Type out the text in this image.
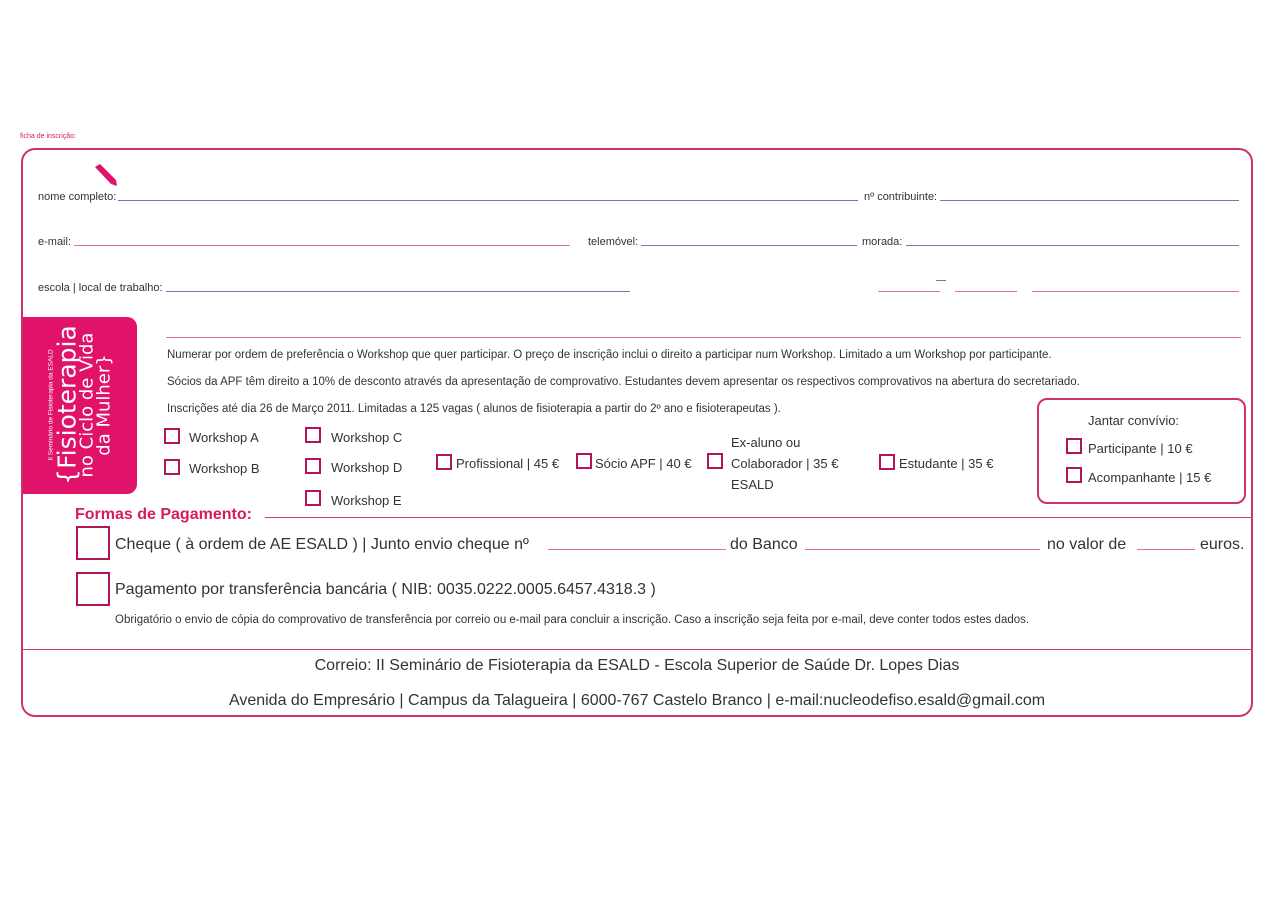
ficha de inscrição:
nome completo:	nº contribuinte:
e-mail:	telemóvel:	morada:
escola | local de trabalho:
II Seminário de Fisioterapia da ESALD
{Fisioterapia
no Ciclo de Vida
da Mulher}	Numerar por ordem de preferência o Workshop que quer participar. O preço de inscrição inclui o direito a participar num Workshop. Limitado a um Workshop por participante.
Sócios da APF têm direito a 10% de desconto através da apresentação de comprovativo. Estudantes devem apresentar os respectivos comprovativos na abertura do secretariado.
Inscrições até dia 26 de Março 2011. Limitadas a 125 vagas ( alunos de fisioterapia a partir do 2º ano e fisioterapeutas ).
Workshop A
Workshop B
Workshop C
Workshop D
Workshop E
Profissional | 45 €	Sócio APF | 40 €
Ex-aluno ou
Colaborador | 35 €
ESALD
Estudante | 35 €
Jantar convívio:
Participante | 10 €
Acompanhante | 15 €
Formas de Pagamento:
Cheque ( à ordem de AE ESALD ) | Junto envio cheque nº	do Banco	no valor de	euros.
Pagamento por transferência bancária ( NIB: 0035.0222.0005.6457.4318.3 )
Obrigatório o envio de cópia do comprovativo de transferência por correio ou e-mail para concluir a inscrição. Caso a inscrição seja feita por e-mail, deve conter todos estes dados.
Correio: II Seminário de Fisioterapia da ESALD - Escola Superior de Saúde Dr. Lopes Dias
Avenida do Empresário | Campus da Talagueira | 6000-767 Castelo Branco | e-mail:nucleodefiso.esald@gmail.com
